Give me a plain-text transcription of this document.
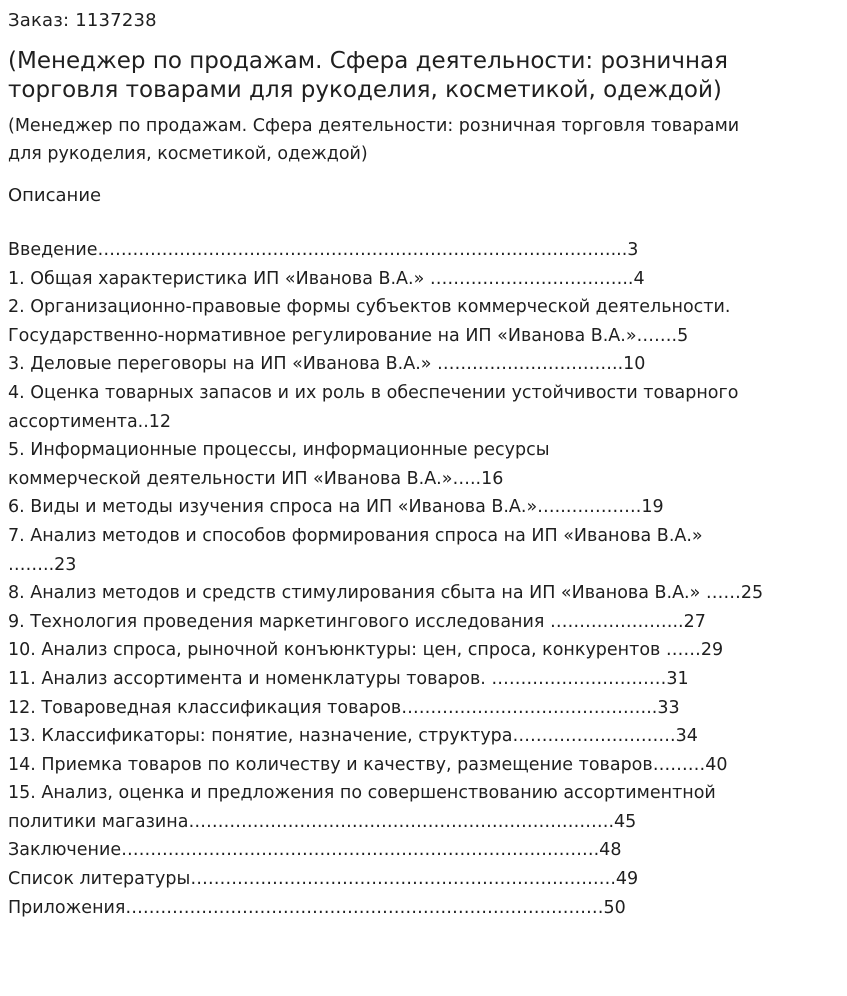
Заказ: 1137238
(Менеджер по продажам. Сфера деятельности: розничная
торговля товарами для рукоделия, косметикой, одеждой)
(Менеджер по продажам. Сфера деятельности: розничная торговля товарами
для рукоделия, косметикой, одеждой)
Описание
Введение……………………………………………………………….……………...3
1. Общая характеристика ИП «Иванова В.А.» ……………………………..4
2. Организационно-правовые формы субъектов коммерческой деятельности.
Государственно-нормативное регулирование на ИП «Иванова В.А.»…….5
3. Деловые переговоры на ИП «Иванова В.А.» …………………………..10
4. Оценка товарных запасов и их роль в обеспечении устойчивости товарного
ассортимента..12
5. Информационные процессы, информационные ресурсы
коммерческой деятельности ИП «Иванова В.А.»…..16
6. Виды и методы изучения спроса на ИП «Иванова В.А.»…..………….19
7. Анализ методов и способов формирования спроса на ИП «Иванова В.А.»
……..23
8. Анализ методов и средств стимулирования сбыта на ИП «Иванова В.А.» ……25
9. Технология проведения маркетингового исследования …………………..27
10. Анализ спроса, рыночной конъюнктуры: цен, спроса, конкурентов ……29
11. Анализ ассортимента и номенклатуры товаров. …………………………31
12. Товароведная классификация товаров……………………………………..33
13. Классификаторы: понятие, назначение, структура……………………….34
14. Приемка товаров по количеству и качеству, размещение товаров………40
15. Анализ, оценка и предложения по совершенствованию ассортиментной
политики магазина……………………………………………………………….45
Заключение……………………………………………………………………….48
Список литературы……………………………………………………………….49
Приложения……………………………………………………………….………50
